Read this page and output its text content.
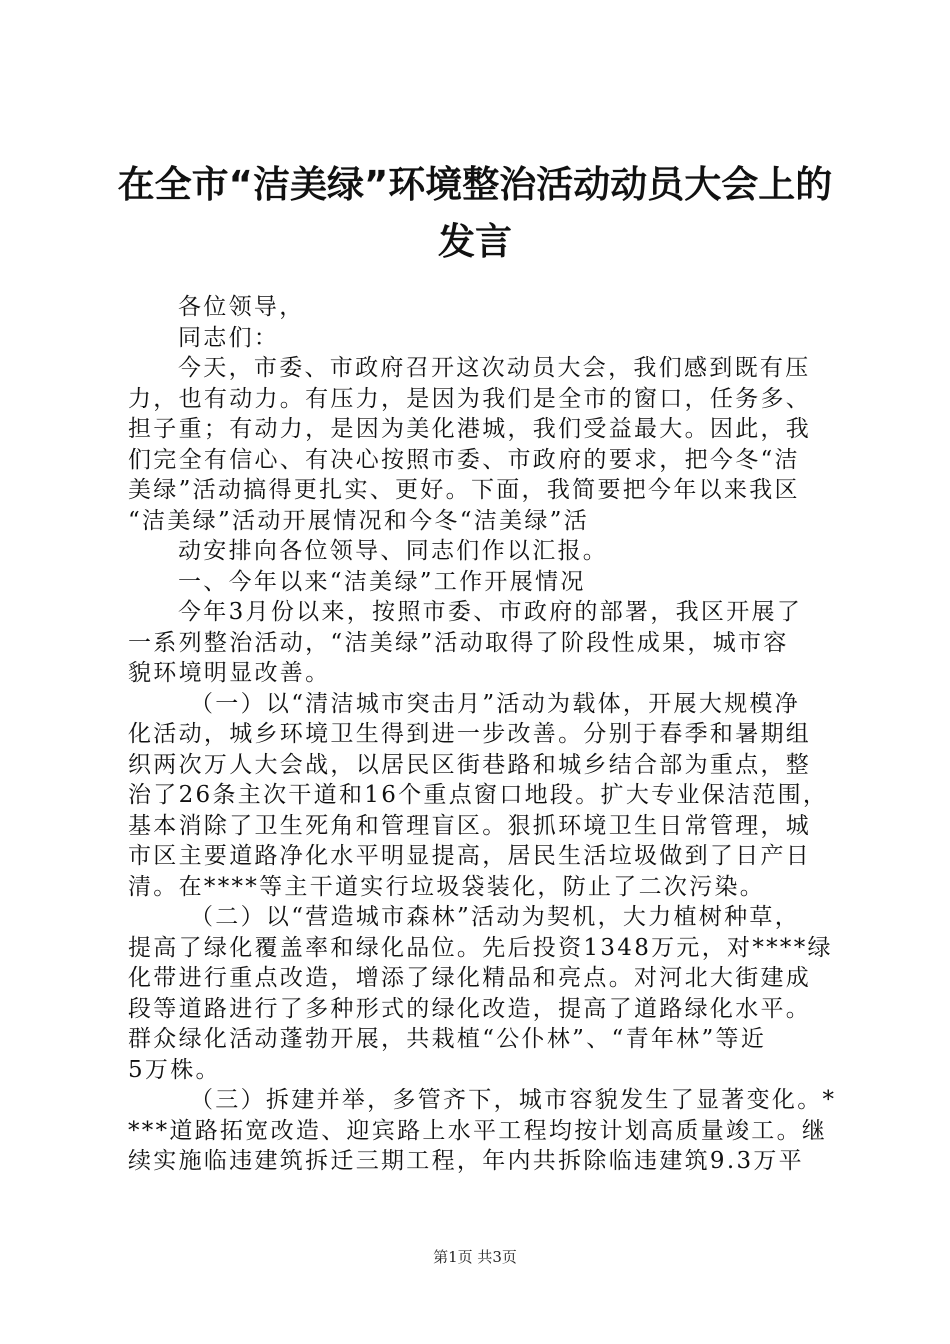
在全市“洁美绿”环境整治活动动员大会上的
发言
各位领导，
同志们：
今天，市委、市政府召开这次动员大会，我们感到既有压
力，也有动力。有压力，是因为我们是全市的窗口，任务多、
担子重；有动力，是因为美化港城，我们受益最大。因此，我
们完全有信心、有决心按照市委、市政府的要求，把今冬“洁
美绿”活动搞得更扎实、更好。下面，我简要把今年以来我区
“洁美绿”活动开展情况和今冬“洁美绿”活
动安排向各位领导、同志们作以汇报。
一、今年以来“洁美绿”工作开展情况
今年3月份以来，按照市委、市政府的部署，我区开展了
一系列整治活动，“洁美绿”活动取得了阶段性成果，城市容
貌环境明显改善。
（一）以“清洁城市突击月”活动为载体，开展大规模净
化活动，城乡环境卫生得到进一步改善。分别于春季和暑期组
织两次万人大会战，以居民区街巷路和城乡结合部为重点，整
治了26条主次干道和16个重点窗口地段。扩大专业保洁范围，
基本消除了卫生死角和管理盲区。狠抓环境卫生日常管理，城
市区主要道路净化水平明显提高，居民生活垃圾做到了日产日
清。在****等主干道实行垃圾袋装化，防止了二次污染。
（二）以“营造城市森林”活动为契机，大力植树种草，
提高了绿化覆盖率和绿化品位。先后投资1348万元，对****绿
化带进行重点改造，增添了绿化精品和亮点。对河北大街建成
段等道路进行了多种形式的绿化改造，提高了道路绿化水平。
群众绿化活动蓬勃开展，共栽植“公仆林”、“青年林”等近
5万株。
（三）拆建并举，多管齐下，城市容貌发生了显著变化。*
***道路拓宽改造、迎宾路上水平工程均按计划高质量竣工。继
续实施临违建筑拆迁三期工程，年内共拆除临违建筑9.3万平
第1页 共3页
